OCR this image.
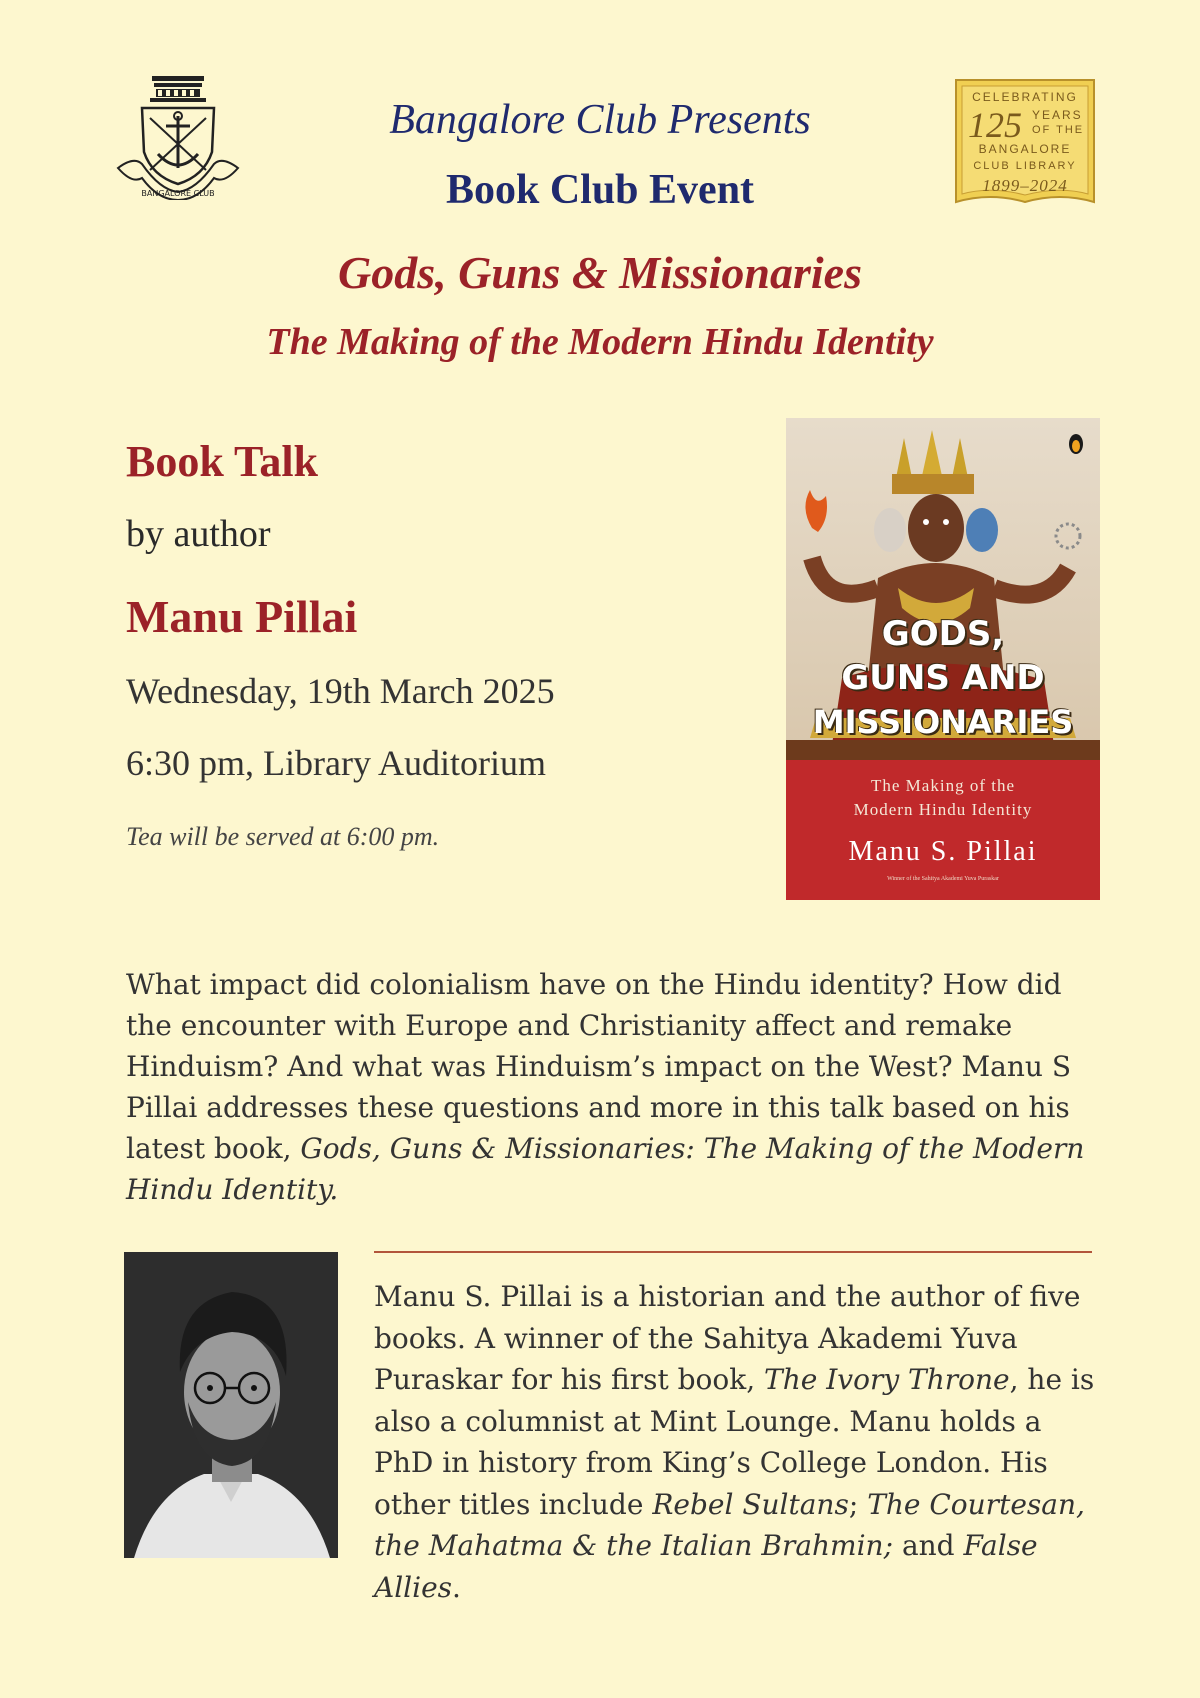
BANGALORE CLUB
Bangalore Club Presents
Book Club Event
CELEBRATING
125 YEARS
OF THE
BANGALORE
CLUB LIBRARY
1899–2024
Gods, Guns & Missionaries
The Making of the Modern Hindu Identity
Book Talk
by author
Manu Pillai
Wednesday, 19th March 2025
6:30 pm, Library Auditorium
Tea will be served at 6:00 pm.
GODS,
GUNS AND
MISSIONARIES
The Making of the
Modern Hindu Identity
Manu S. Pillai
Winner of the Sahitya Akademi Yuva Puraskar
What impact did colonialism have on the Hindu identity? How did the encounter with Europe and Christianity affect and remake Hinduism? And what was Hinduism’s impact on the West? Manu S Pillai addresses these questions and more in this talk based on his latest book, Gods, Guns & Missionaries: The Making of the Modern Hindu Identity.
Manu S. Pillai is a historian and the author of five books. A winner of the Sahitya Akademi Yuva Puraskar for his first book, The Ivory Throne, he is also a columnist at Mint Lounge. Manu holds a PhD in history from King’s College London. His other titles include Rebel Sultans; The Courtesan, the Mahatma & the Italian Brahmin; and False Allies.
